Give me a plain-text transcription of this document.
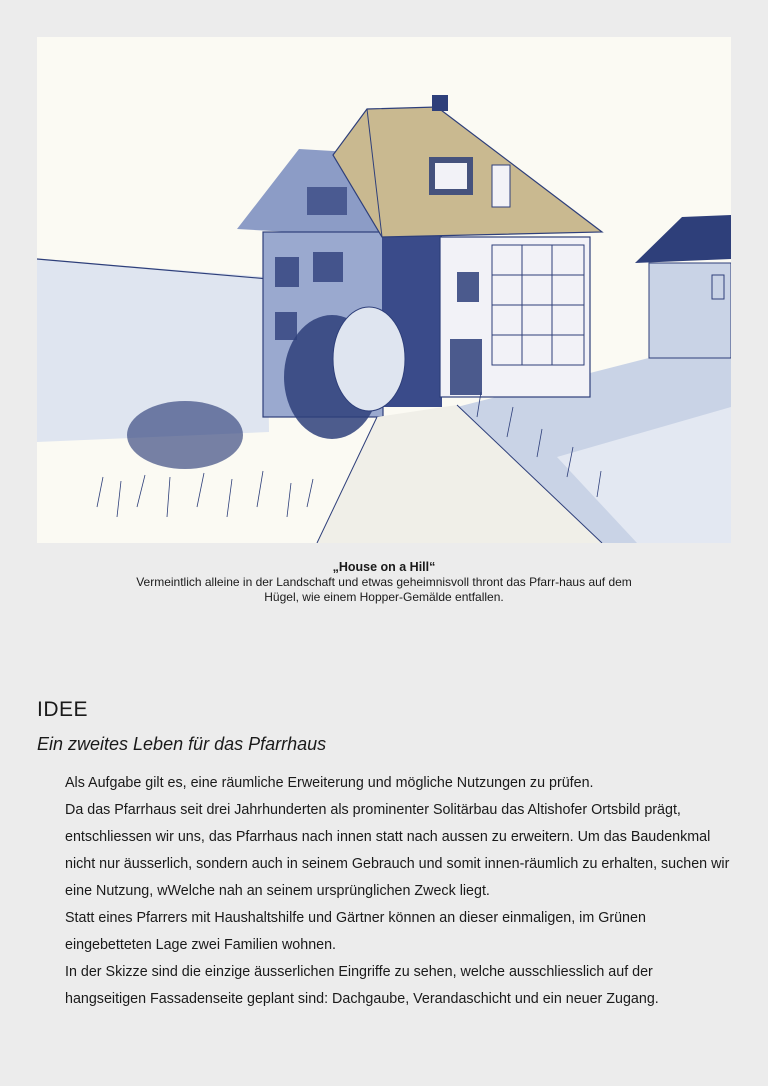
„House on a Hill“
Vermeintlich alleine in der Landschaft und etwas geheimnisvoll thront das Pfarr-haus auf dem Hügel, wie einem Hopper-Gemälde entfallen.
IDEE
Ein zweites Leben für das Pfarrhaus

Als Aufgabe gilt es, eine räumliche Erweiterung und mögliche Nutzungen zu prüfen.

Da das Pfarrhaus seit drei Jahrhunderten als prominenter Solitärbau das Altishofer Ortsbild prägt, entschliessen wir uns, das Pfarrhaus nach innen statt nach aussen zu erweitern. Um das Baudenkmal nicht nur äusserlich, sondern auch in seinem Gebrauch und somit innen-räumlich zu erhalten, suchen wir eine Nutzung, wWelche nah an seinem ursprünglichen Zweck liegt.

Statt eines Pfarrers mit Haushaltshilfe und Gärtner können an dieser einmaligen, im Grünen eingebetteten Lage zwei Familien wohnen.

In der Skizze sind die einzige äusserlichen Eingriffe zu sehen, welche ausschliesslich auf der hangseitigen Fassadenseite geplant sind: Dachgaube, Verandaschicht und ein neuer Zugang.
